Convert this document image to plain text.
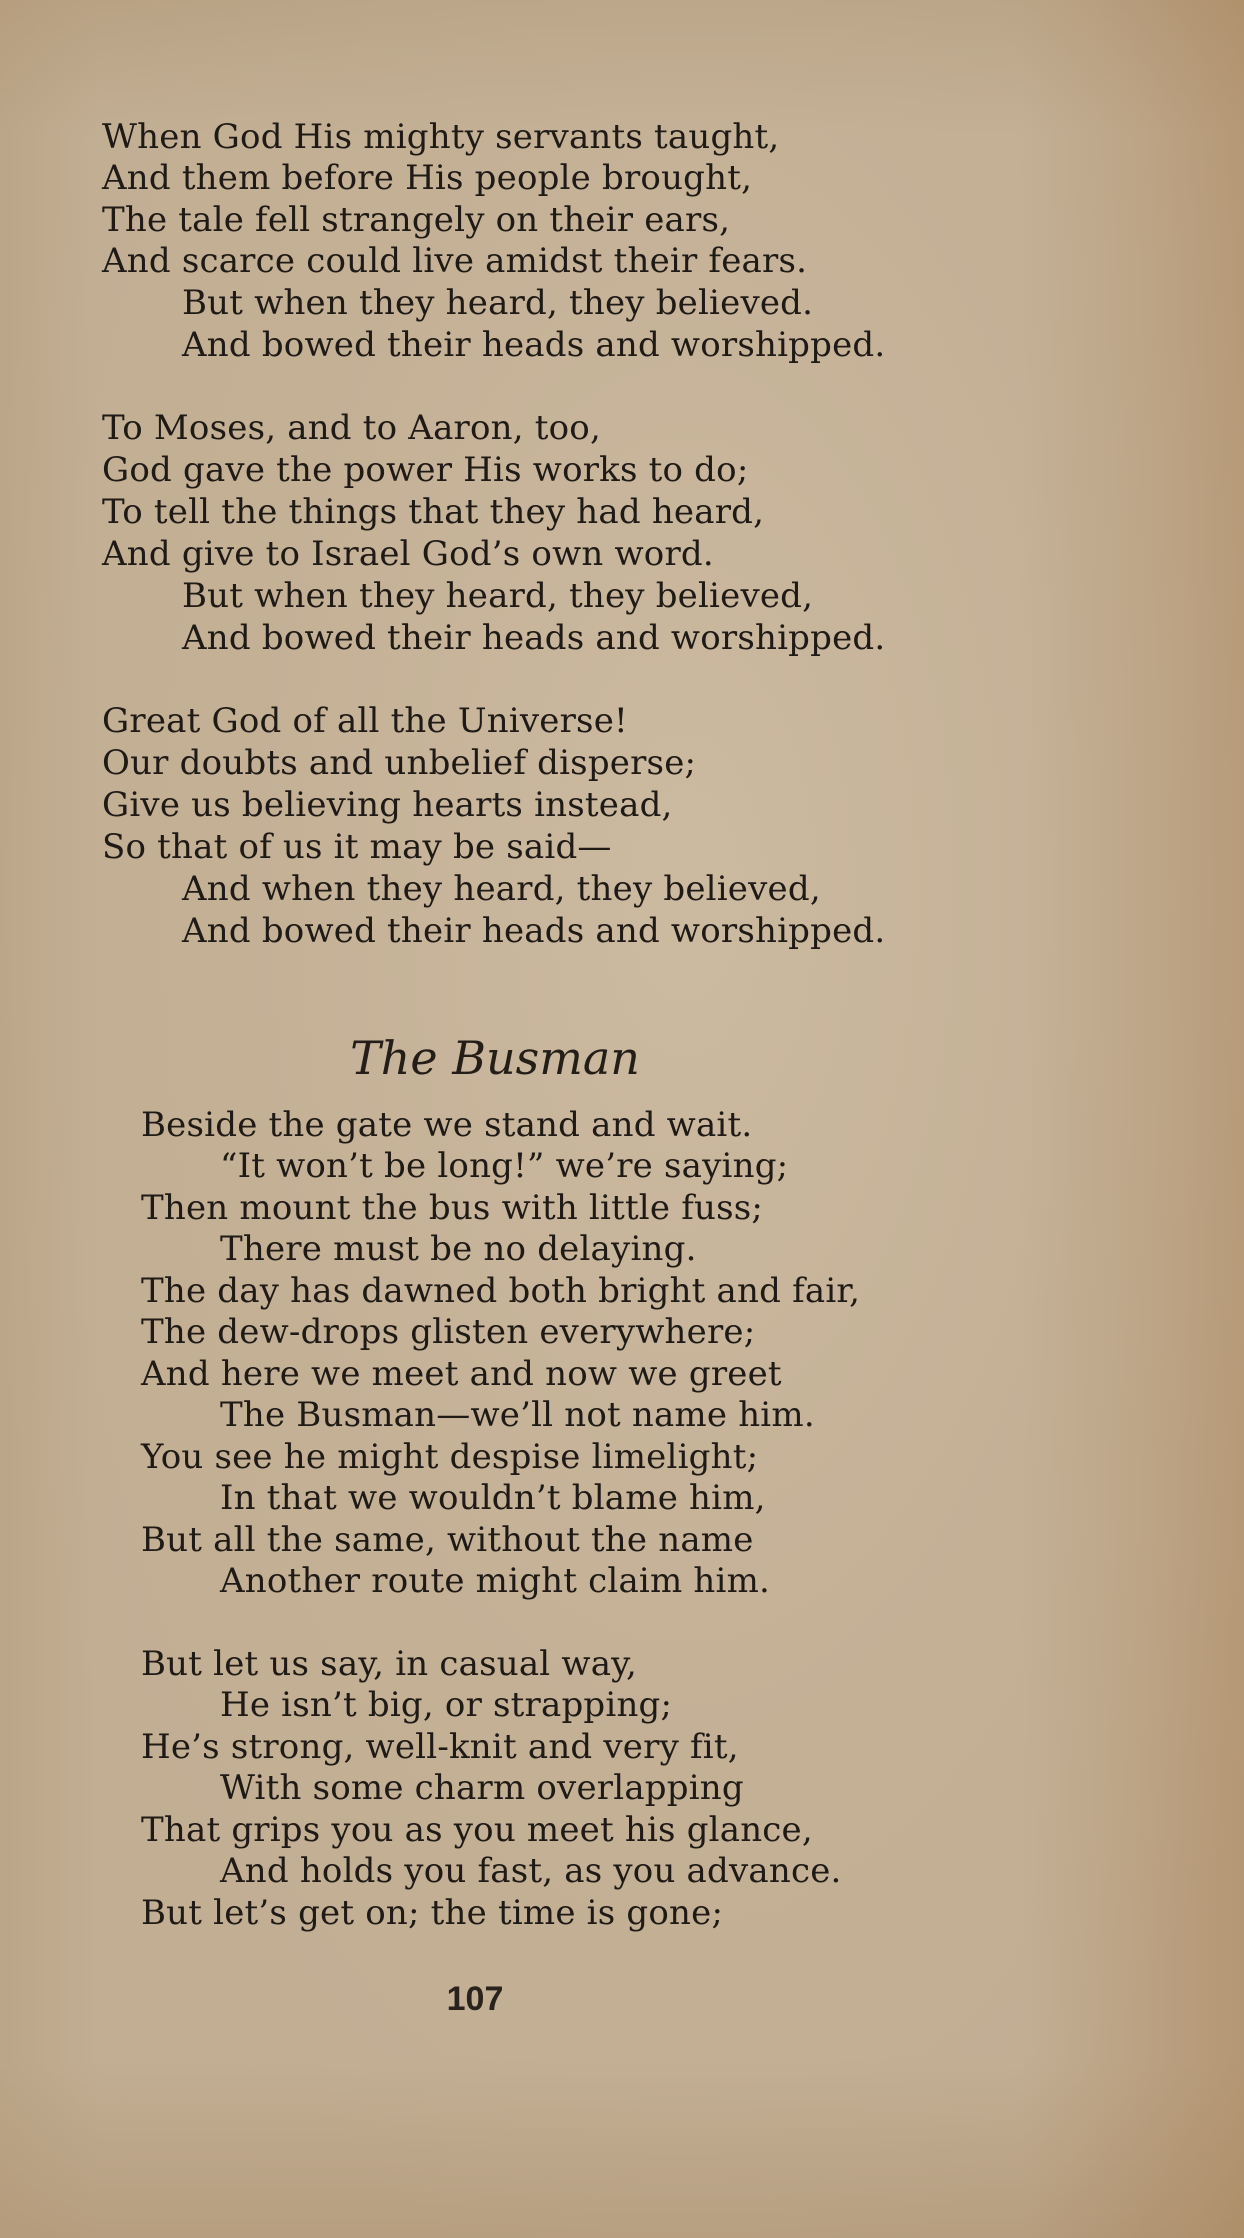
When God His mighty servants taught,
And them before His people brought,
The tale fell strangely on their ears,
And scarce could live amidst their fears.
But when they heard, they believed.
And bowed their heads and worshipped.
To Moses, and to Aaron, too,
God gave the power His works to do;
To tell the things that they had heard,
And give to Israel God’s own word.
But when they heard, they believed,
And bowed their heads and worshipped.
Great God of all the Universe!
Our doubts and unbelief disperse;
Give us believing hearts instead,
So that of us it may be said—
And when they heard, they believed,
And bowed their heads and worshipped.
The Busman
Beside the gate we stand and wait.
“It won’t be long!” we’re saying;
Then mount the bus with little fuss;
There must be no delaying.
The day has dawned both bright and fair,
The dew-drops glisten everywhere;
And here we meet and now we greet
The Busman—we’ll not name him.
You see he might despise limelight;
In that we wouldn’t blame him,
But all the same, without the name
Another route might claim him.
But let us say, in casual way,
He isn’t big, or strapping;
He’s strong, well-knit and very fit,
With some charm overlapping
That grips you as you meet his glance,
And holds you fast, as you advance.
But let’s get on; the time is gone;
107
